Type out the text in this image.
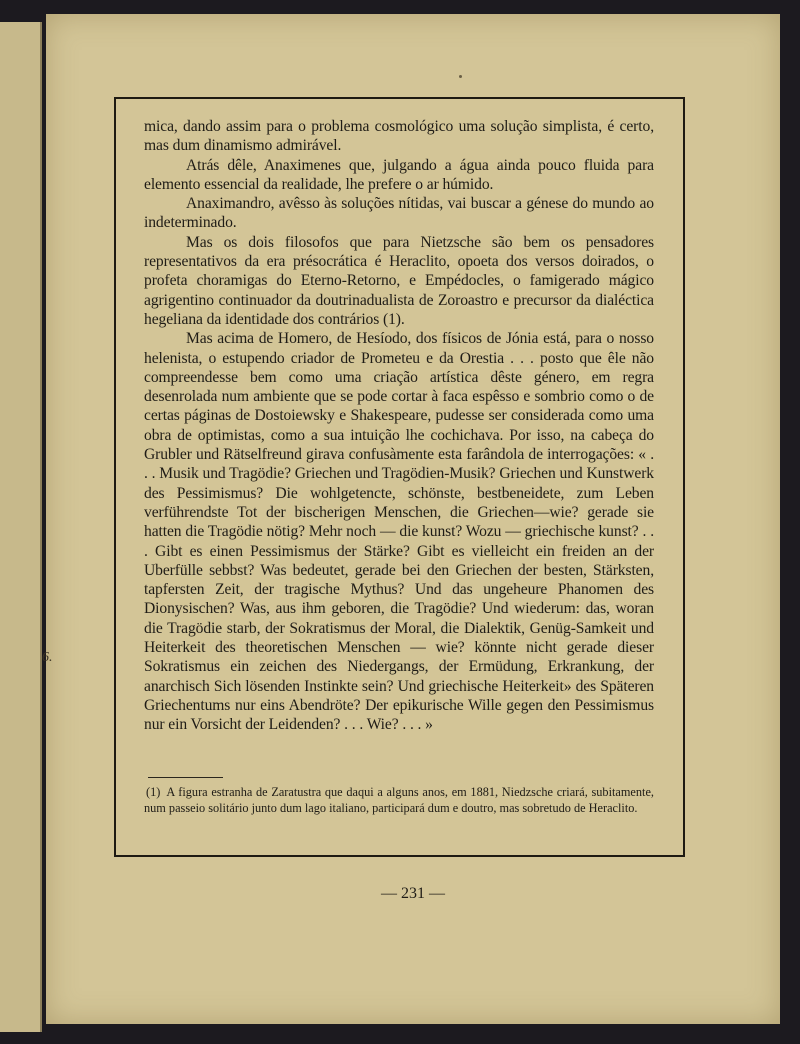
6.

mica, dando assim para o problema cosmológico uma solução simplista, é certo, mas dum dinamismo admirável.

Atrás dêle, Anaximenes que, julgando a água ainda pouco fluida para elemento essencial da realidade, lhe prefere o ar húmido.

Anaximandro, avêsso às soluções nítidas, vai buscar a génese do mundo ao indeterminado.

Mas os dois filosofos que para Nietzsche são bem os pensadores representativos da era présocrática é Heraclito, opoeta dos versos doirados, o profeta choramigas do Eterno-Retorno, e Empédocles, o famigerado mágico agrigentino continuador da doutrinadualista de Zoroastro e precursor da dialéctica hegeliana da identidade dos contrários (1).

Mas acima de Homero, de Hesíodo, dos físicos de Jónia está, para o nosso helenista, o estupendo criador de Prometeu e da Orestia . . . posto que êle não compreendesse bem como uma criação artística dêste género, em regra desenrolada num ambiente que se pode cortar à faca espêsso e sombrio como o de certas páginas de Dostoiewsky e Shakespeare, pudesse ser considerada como uma obra de optimistas, como a sua intuição lhe cochichava. Por isso, na cabeça do Grubler und Rätselfreund girava confusàmente esta farândola de interrogações: « . . . Musik und Tragödie? Griechen und Tragödien-Musik? Griechen und Kunstwerk des Pessimismus? Die wohlgetencte, schönste, bestbeneidete, zum Leben verführendste Tot der bischerigen Menschen, die Griechen—wie? gerade sie hatten die Tragödie nötig? Mehr noch — die kunst? Wozu — griechische kunst? . . . Gibt es einen Pessimismus der Stärke? Gibt es vielleicht ein freiden an der Uberfülle sebbst? Was bedeutet, gerade bei den Griechen der besten, Stärksten, tapfersten Zeit, der tragische Mythus? Und das ungeheure Phanomen des Dionysischen? Was, aus ihm geboren, die Tragödie? Und wiederum: das, woran die Tragödie starb, der Sokratismus der Moral, die Dialektik, Genüg-Samkeit und Heiterkeit des theoretischen Menschen — wie? könnte nicht gerade dieser Sokratismus ein zeichen des Niedergangs, der Ermüdung, Erkrankung, der anarchisch Sich lösenden Instinkte sein? Und griechische Heiterkeit» des Späteren Griechentums nur eins Abendröte? Der epikurische Wille gegen den Pessimismus nur ein Vorsicht der Leidenden? . . . Wie? . . . »

(1) A figura estranha de Zaratustra que daqui a alguns anos, em 1881, Niedzsche criará, subitamente, num passeio solitário junto dum lago italiano, participará dum e doutro, mas sobretudo de Heraclito.
— 231 —
